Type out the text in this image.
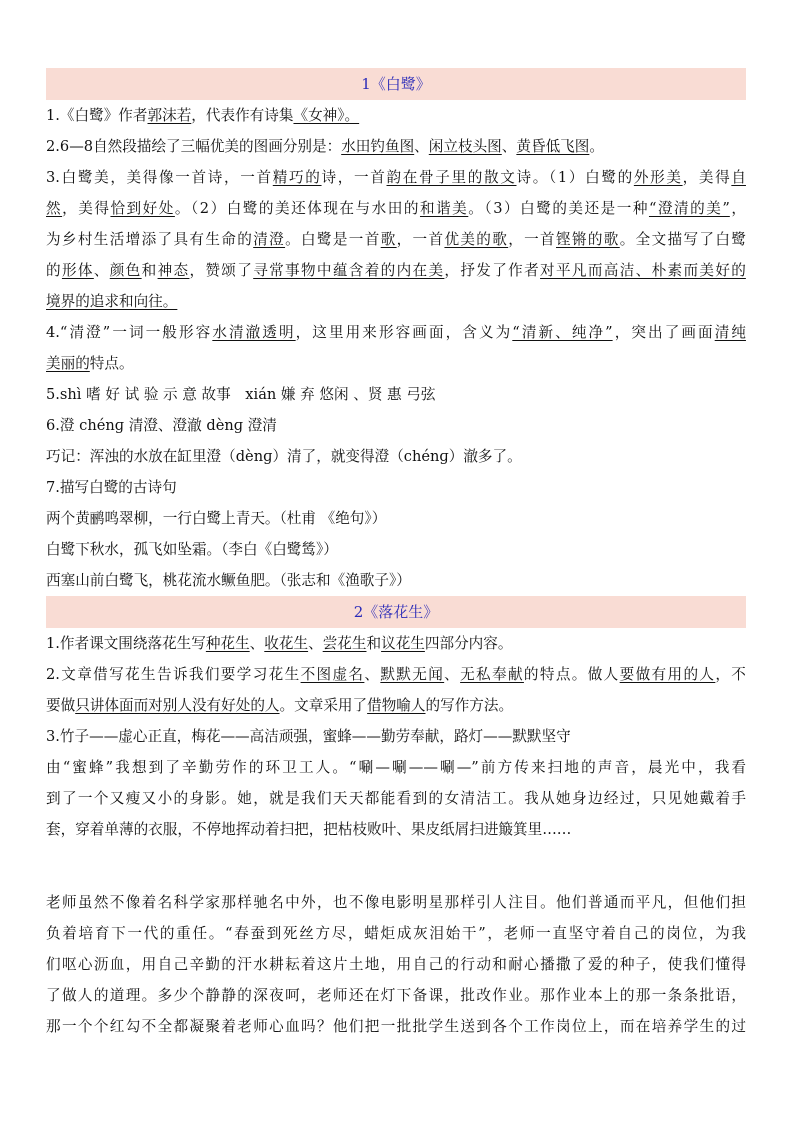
1《白鹭》
1.《白鹭》作者郭沫若，代表作有诗集《女神》。
2.6—8自然段描绘了三幅优美的图画分别是：水田钓鱼图、闲立枝头图、黄昏低飞图。
3.白鹭美，美得像一首诗，一首精巧的诗，一首韵在骨子里的散文诗。（1）白鹭的外形美，美得自
然，美得恰到好处。（2）白鹭的美还体现在与水田的和谐美。（3）白鹭的美还是一种“澄清的美”，
为乡村生活增添了具有生命的清澄。白鹭是一首歌，一首优美的歌，一首铿锵的歌。全文描写了白鹭
的形体、颜色和神态，赞颂了寻常事物中蕴含着的内在美，抒发了作者对平凡而高洁、朴素而美好的
境界的追求和向往。
4.“清澄”一词一般形容水清澈透明，这里用来形容画面，含义为“清新、纯净”，突出了画面清纯
美丽的特点。
5.shì 嗜 好 试 验 示 意 故事　xián 嫌 弃 悠闲 、贤 惠 弓弦
6.澄 chénɡ 清澄、澄澈 dènɡ 澄清
巧记：浑浊的水放在缸里澄（dènɡ）清了，就变得澄（chénɡ）澈多了。
7.描写白鹭的古诗句
两个黄鹂鸣翠柳，一行白鹭上青天。（杜甫 《绝句》）
白鹭下秋水，孤飞如坠霜。（李白《白鹭鸶》）
西塞山前白鹭飞，桃花流水鳜鱼肥。（张志和《渔歌子》）
2《落花生》
1.作者课文围绕落花生写种花生、收花生、尝花生和议花生四部分内容。
2.文章借写花生告诉我们要学习花生不图虚名、默默无闻、无私奉献的特点。做人要做有用的人，不
要做只讲体面而对别人没有好处的人。文章采用了借物喻人的写作方法。
3.竹子——虚心正直，梅花——高洁顽强，蜜蜂——勤劳奉献，路灯——默默坚守
由“蜜蜂”我想到了辛勤劳作的环卫工人。“唰—唰——唰—”前方传来扫地的声音，晨光中，我看
到了一个又瘦又小的身影。她，就是我们天天都能看到的女清洁工。我从她身边经过，只见她戴着手
套，穿着单薄的衣服，不停地挥动着扫把，把枯枝败叶、果皮纸屑扫进簸箕里……
老师虽然不像着名科学家那样驰名中外，也不像电影明星那样引人注目。他们普通而平凡，但他们担
负着培育下一代的重任。“春蚕到死丝方尽，蜡炬成灰泪始干”，老师一直坚守着自己的岗位，为我
们呕心沥血，用自己辛勤的汗水耕耘着这片土地，用自己的行动和耐心播撒了爱的种子，使我们懂得
了做人的道理。多少个静静的深夜呵，老师还在灯下备课，批改作业。那作业本上的那一条条批语，
那一个个红勾不全都凝聚着老师心血吗？他们把一批批学生送到各个工作岗位上，而在培养学生的过
